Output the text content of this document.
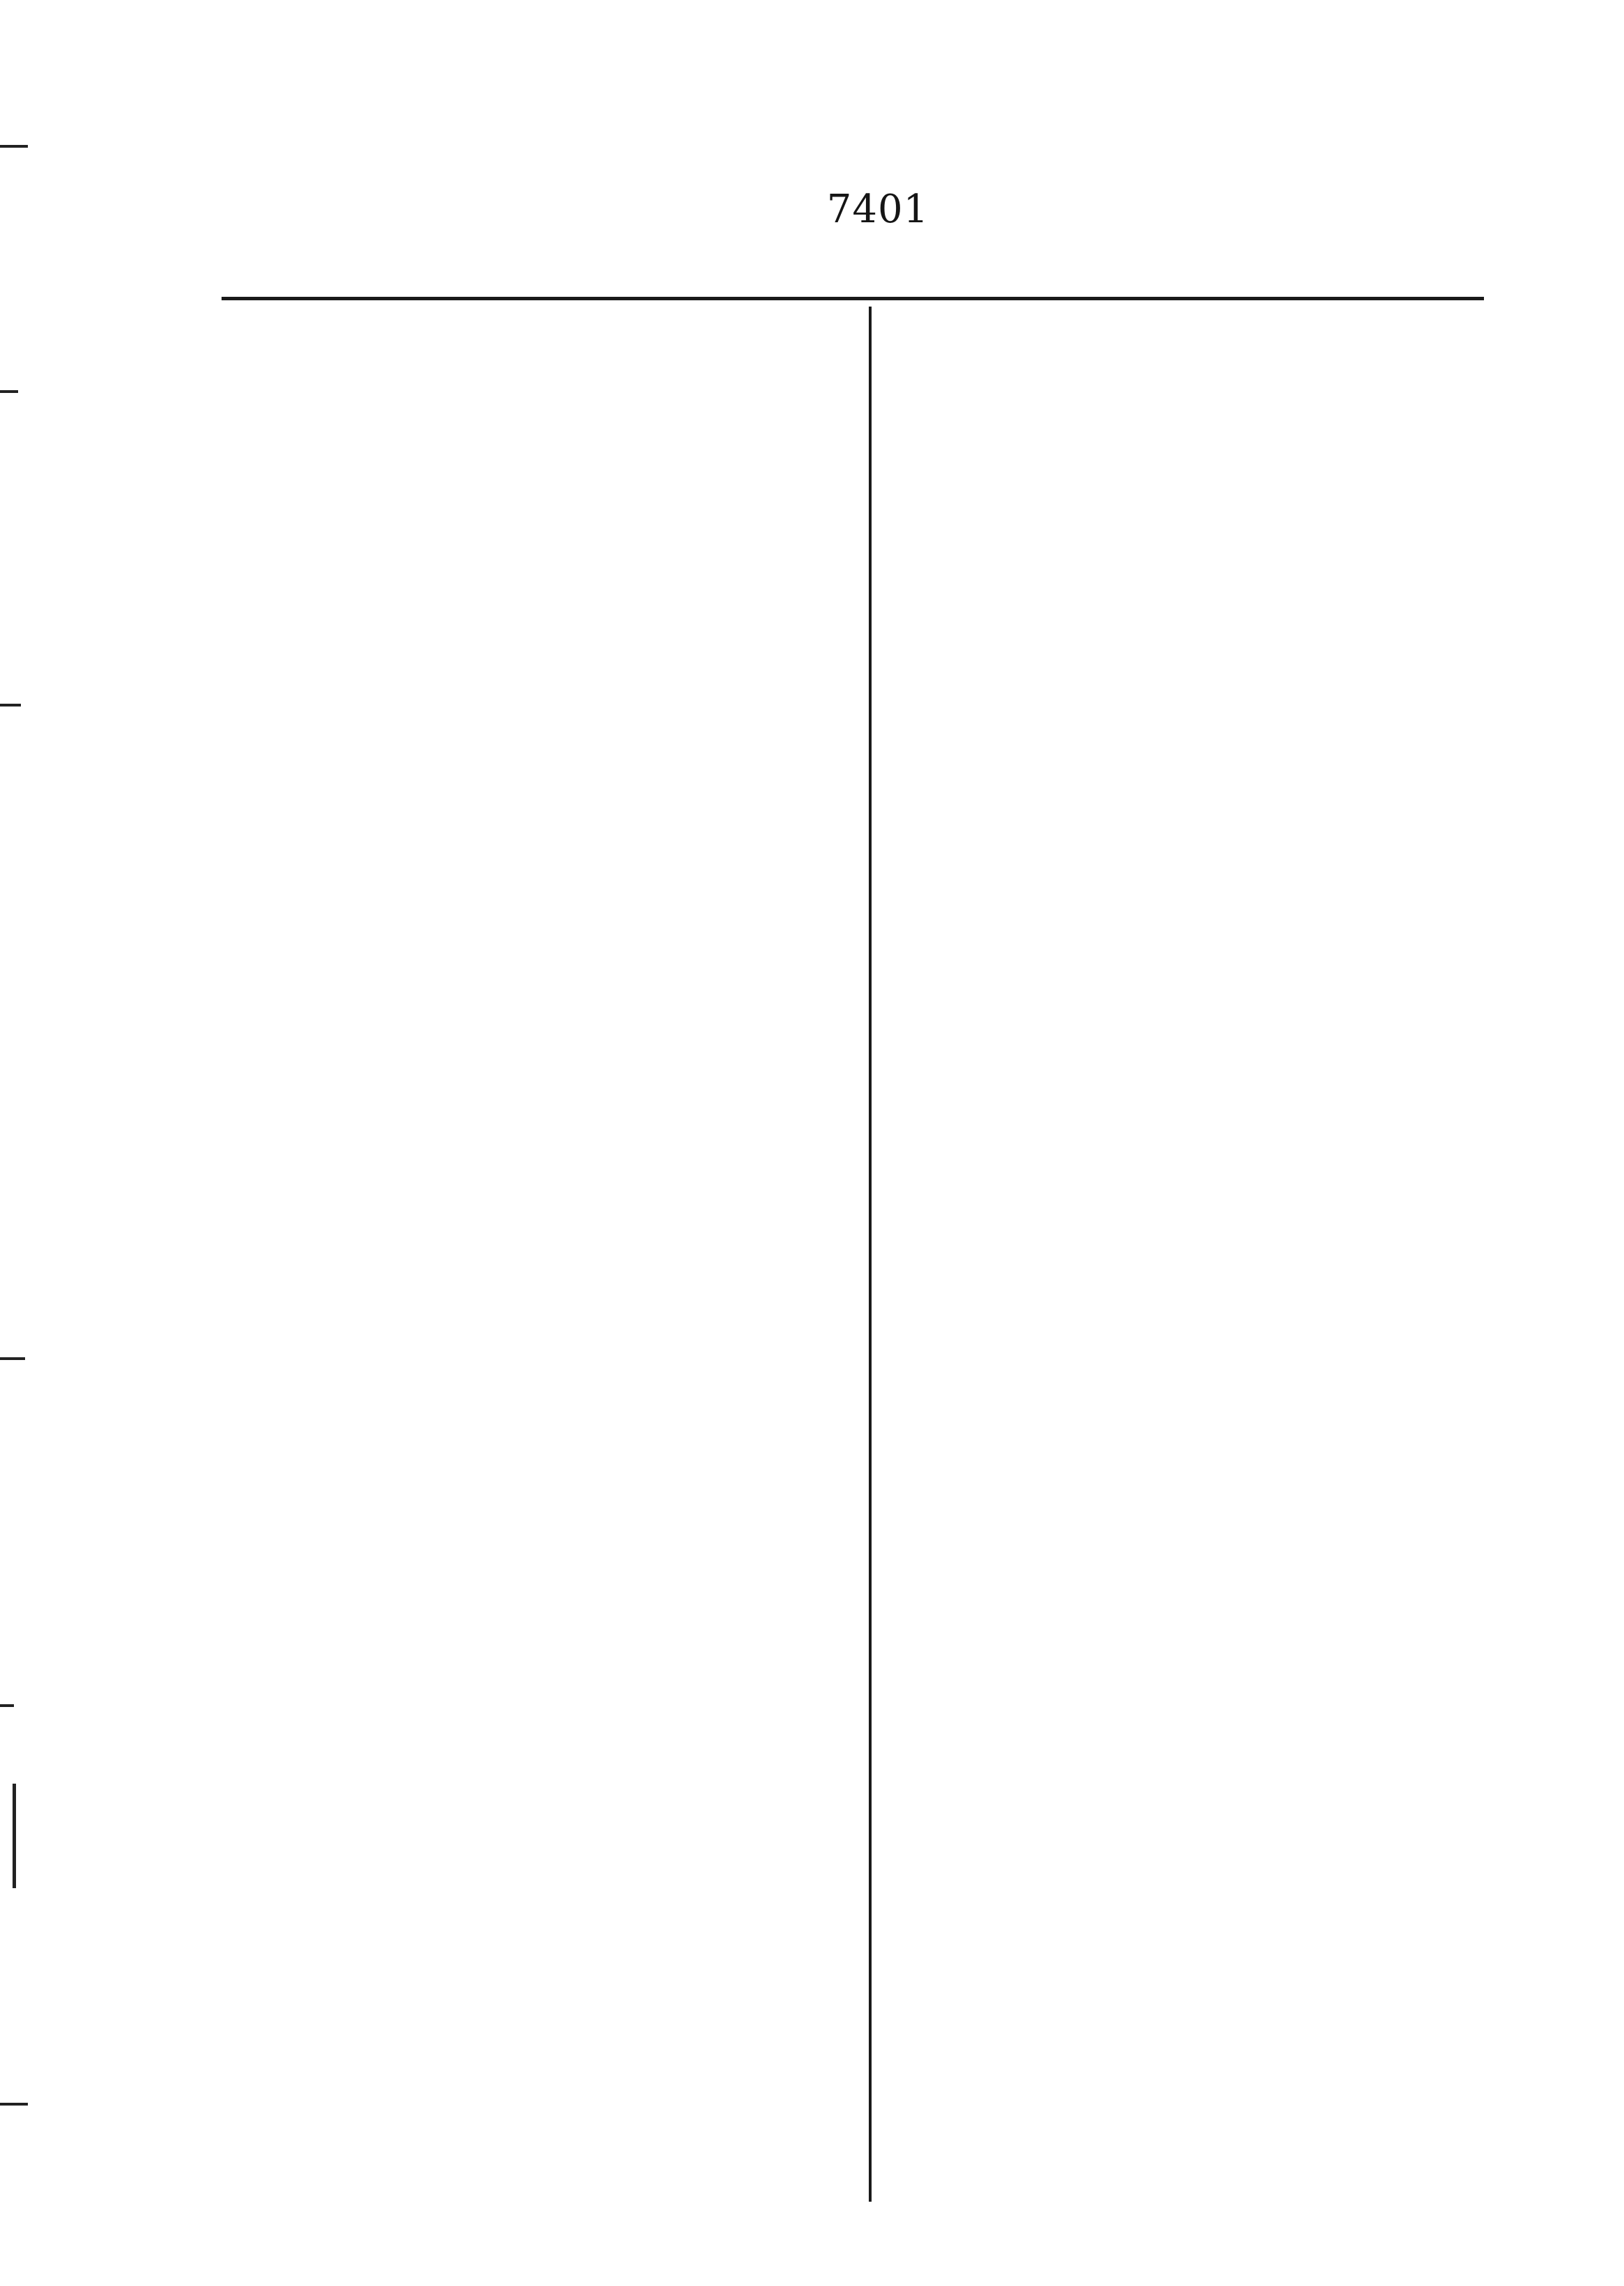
7401
